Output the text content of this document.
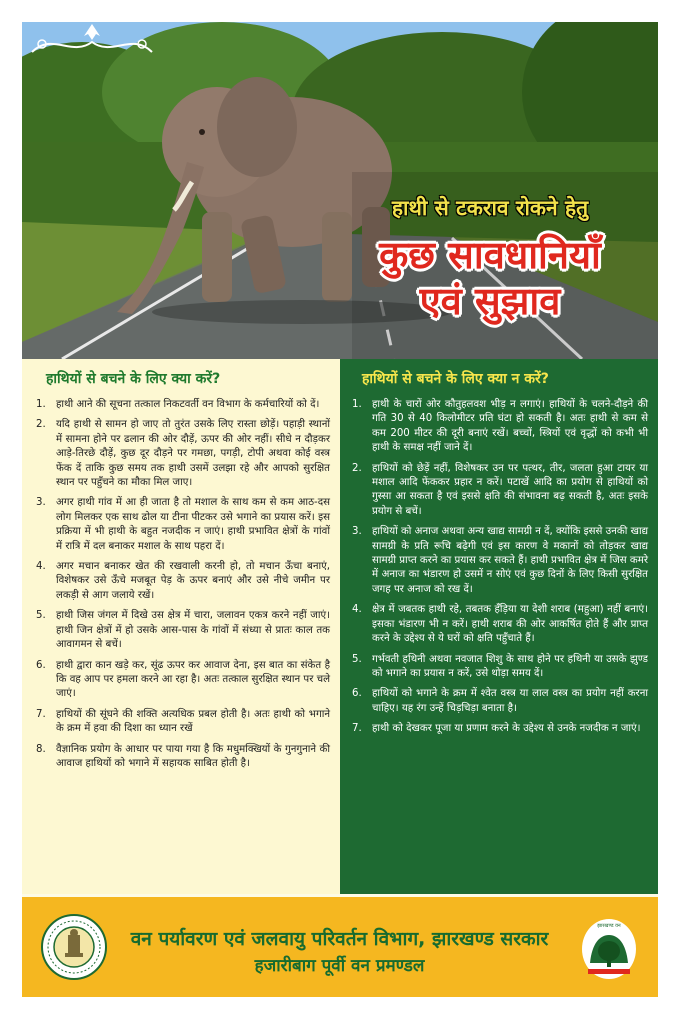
हाथी से टकराव रोकने हेतु
कुछ सावधानियाँ
एवं सुझाव
हाथियों से बचने के लिए क्या करें?
1. हाथी आने की सूचना तत्काल निकटवर्ती वन विभाग के कर्मचारियों को दें।
2. यदि हाथी से सामन हो जाए तो तुरंत उसके लिए रास्ता छोड़ें। पहाड़ी स्थानों में सामना होने पर ढलान की ओर दौड़ें, ऊपर की ओर नहीं। सीधे न दौड़कर आड़े-तिरछे दौड़ें, कुछ दूर दौड़ने पर गमछा, पगड़ी, टोपी अथवा कोई वस्त्र फेंक दें ताकि कुछ समय तक हाथी उसमें उलझा रहे और आपको सुरक्षित स्थान पर पहुँचने का मौका मिल जाए।
3. अगर हाथी गांव में आ ही जाता है तो मशाल के साथ कम से कम आठ-दस लोग मिलकर एक साथ ढोल या टीना पीटकर उसे भगाने का प्रयास करें। इस प्रक्रिया में भी हाथी के बहुत नजदीक न जाएं। हाथी प्रभावित क्षेत्रों के गांवों में रात्रि में दल बनाकर मशाल के साथ पहरा दें।
4. अगर मचान बनाकर खेत की रखवाली करनी हो, तो मचान ऊँचा बनाएं, विशेषकर उसे ऊँचे मजबूत पेड़ के ऊपर बनाएं और उसे नीचे जमीन पर लकड़ी से आग जलाये रखें।
5. हाथी जिस जंगल में दिखे उस क्षेत्र में चारा, जलावन एकत्र करने नहीं जाएं। हाथी जिन क्षेत्रों में हो उसके आस-पास के गांवों में संध्या से प्रातः काल तक आवागमन से बचें।
6. हाथी द्वारा कान खड़े कर, सूंढ ऊपर कर आवाज देना, इस बात का संकेत है कि वह आप पर हमला करने आ रहा है। अतः तत्काल सुरक्षित स्थान पर चले जाएं।
7. हाथियों की सूंघने की शक्ति अत्यधिक प्रबल होती है। अतः हाथी को भगाने के क्रम में हवा की दिशा का ध्यान रखें
8. वैज्ञानिक प्रयोग के आधार पर पाया गया है कि मधुमक्खियों के गुनगुनाने की आवाज हाथियों को भगाने में सहायक साबित होती है।
हाथियों से बचने के लिए क्या न करें?
1. हाथी के चारों ओर कौतुहलवश भीड़ न लगाएं। हाथियों के चलने-दौड़ने की गति 30 से 40 किलोमीटर प्रति घंटा हो सकती है। अतः हाथी से कम से कम 200 मीटर की दूरी बनाएं रखें। बच्चों, स्त्रियों एवं वृद्धों को कभी भी हाथी के समक्ष नहीं जाने दें।
2. हाथियों को छेड़ें नहीं, विशेषकर उन पर पत्थर, तीर, जलता हुआ टायर या मशाल आदि फेंककर प्रहार न करें। पटाखें आदि का प्रयोग से हाथियों को गुस्सा आ सकता है एवं इससे क्षति की संभावना बढ़ सकती है, अतः इसके प्रयोग से बचें।
3. हाथियों को अनाज अथवा अन्य खाद्य सामग्री न दें, क्योंकि इससे उनकी खाद्य सामग्री के प्रति रूचि बढ़ेगी एवं इस कारण वे मकानों को तोड़कर खाद्य सामग्री प्राप्त करने का प्रयास कर सकते हैं। हाथी प्रभावित क्षेत्र में जिस कमरे में अनाज का भंडारण हो उसमें न सोएं एवं कुछ दिनों के लिए किसी सुरक्षित जगह पर अनाज को रख दें।
4. क्षेत्र में जबतक हाथी रहे, तबतक हँड़िया या देशी शराब (महुआ) नहीं बनाएं। इसका भंडारण भी न करें। हाथी शराब की ओर आकर्षित होते हैं और प्राप्त करने के उद्देश्य से ये घरों को क्षति पहुँचाते हैं।
5. गर्भवती हथिनी अथवा नवजात शिशु के साथ होने पर हथिनी या उसके झुण्ड को भगाने का प्रयास न करें, उसे थोड़ा समय दें।
6. हाथियों को भगाने के क्रम में श्वेत वस्त्र या लाल वस्त्र का प्रयोग नहीं करना चाहिए। यह रंग उन्हें चिड़चिड़ा बनाता है।
7. हाथी को देखकर पूजा या प्रणाम करने के उद्देश्य से उनके नजदीक न जाएं।
वन पर्यावरण एवं जलवायु परिवर्तन विभाग, झारखण्ड सरकार
हजारीबाग पूर्वी वन प्रमण्डल
झारखण्ड वन
